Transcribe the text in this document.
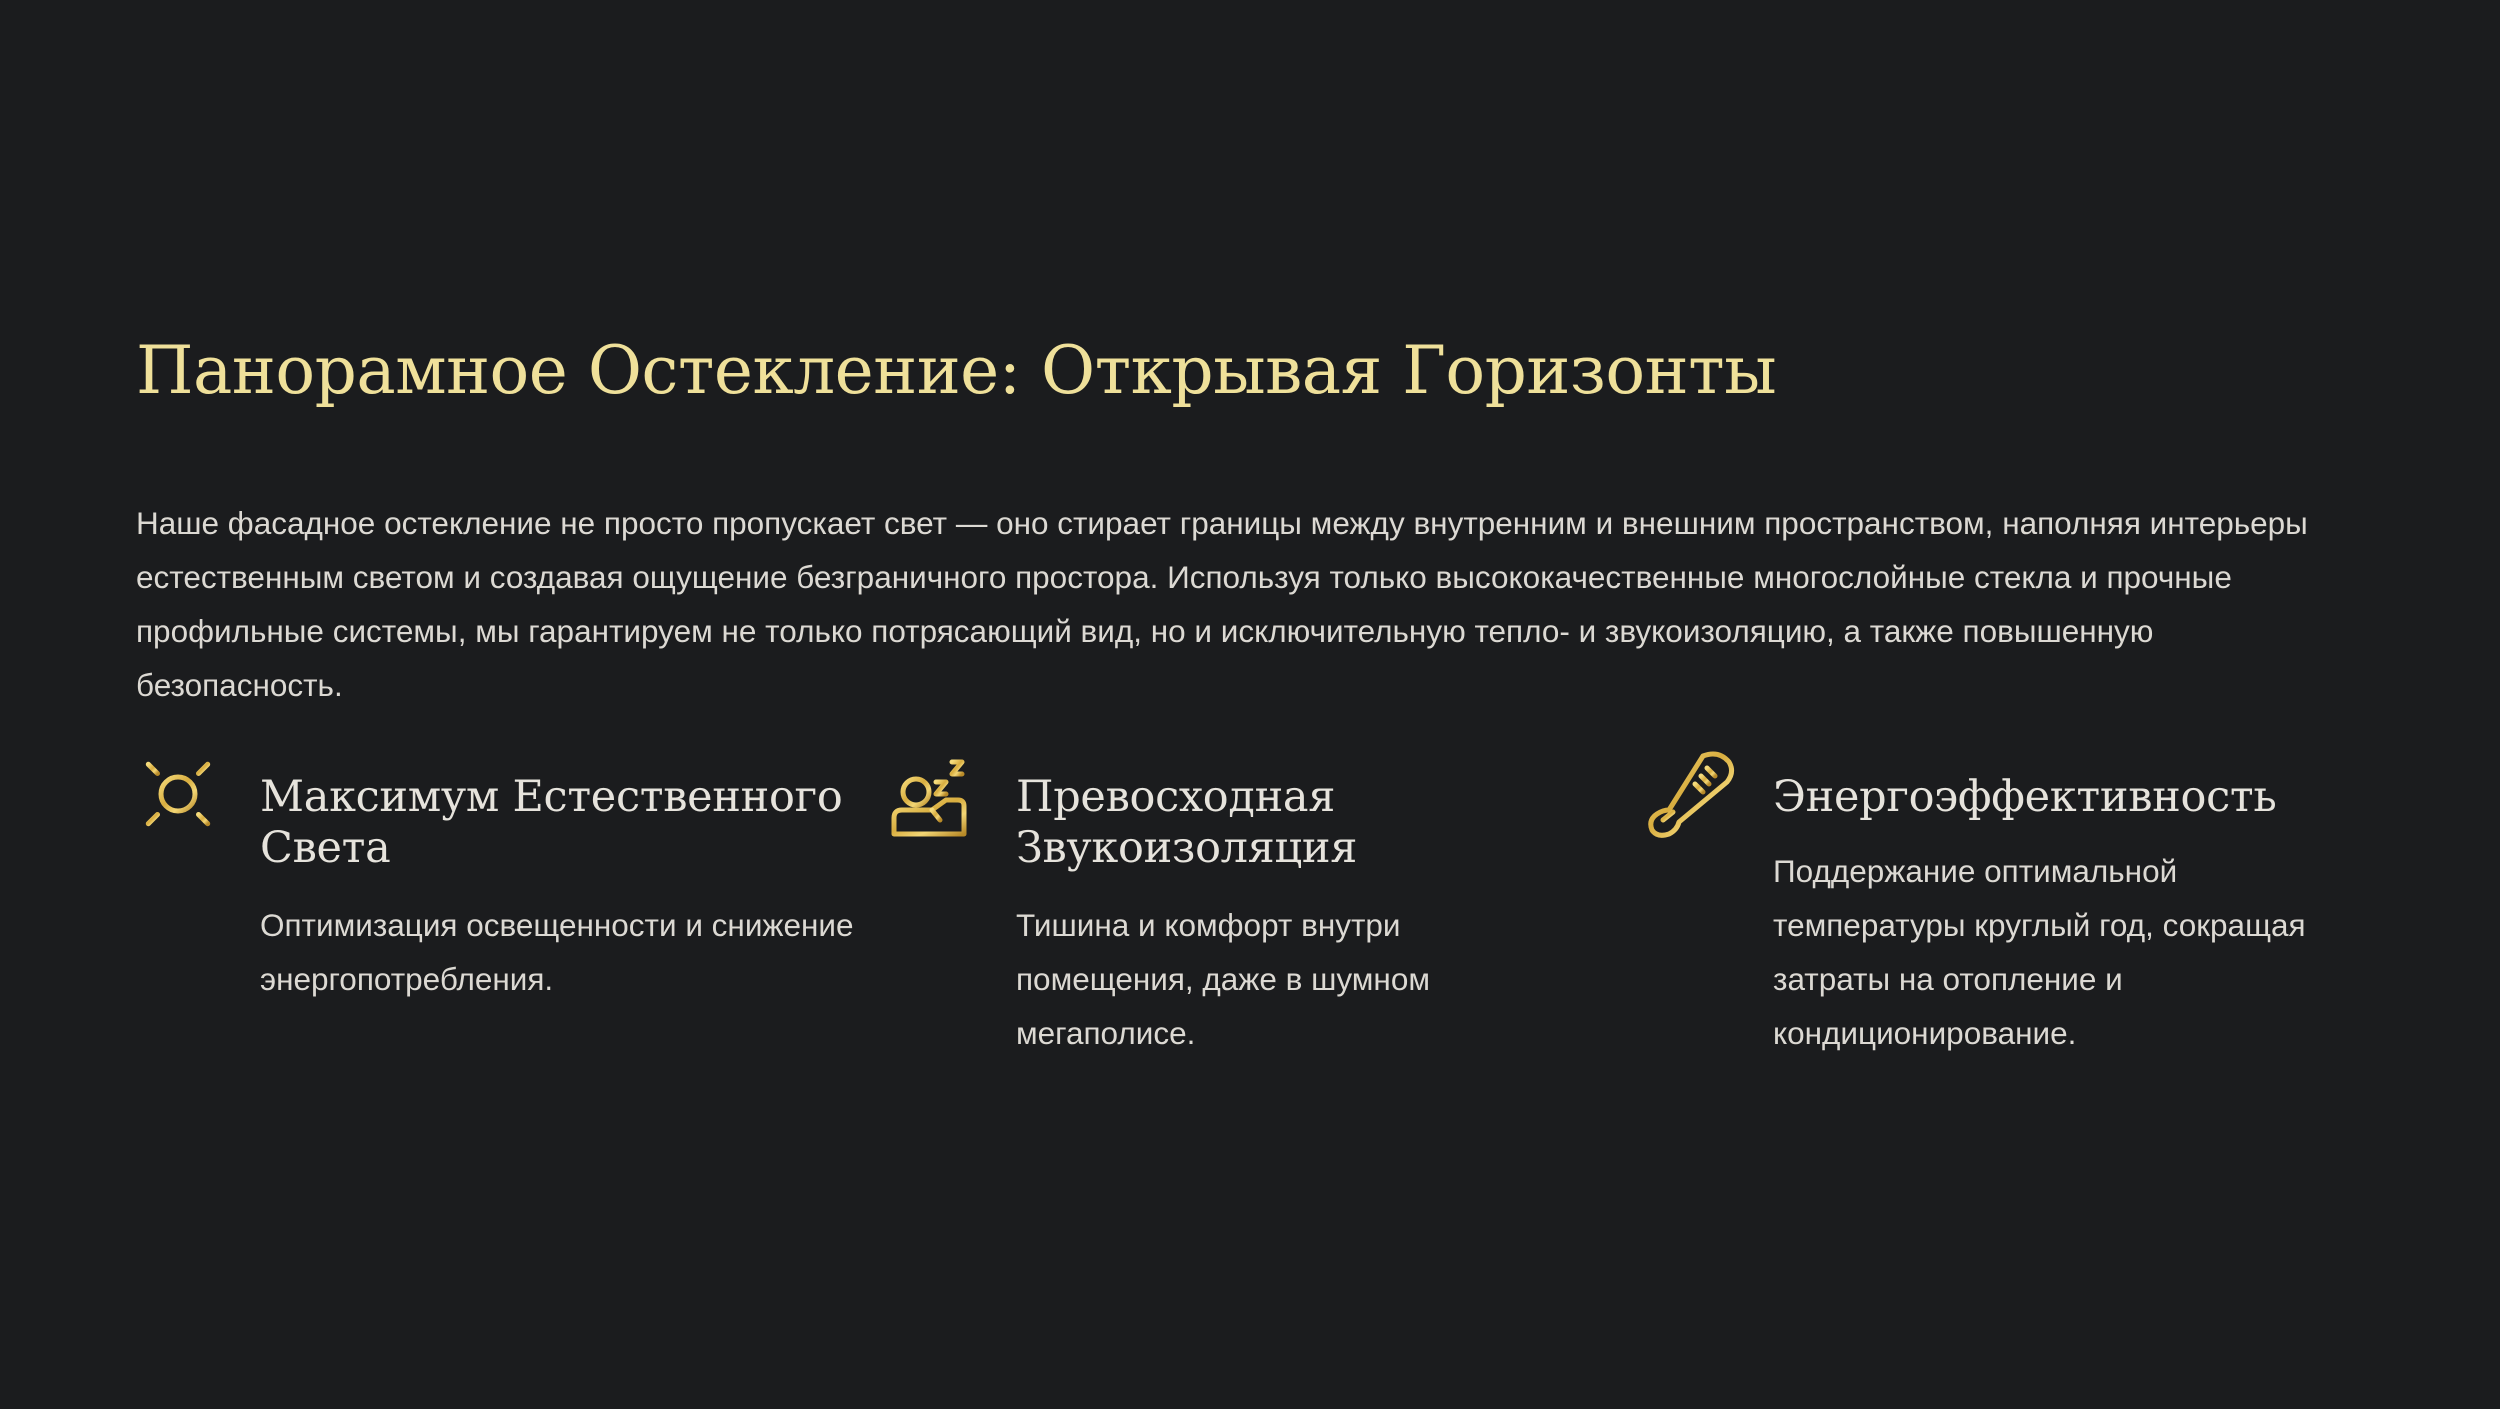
Панорамное Остекление: Открывая Горизонты

Наше фасадное остекление не просто пропускает свет — оно стирает границы между внутренним и внешним пространством, наполняя интерьеры естественным светом и создавая ощущение безграничного простора. Используя только высококачественные многослойные стекла и прочные профильные системы, мы гарантируем не только потрясающий вид, но и исключительную тепло- и звукоизоляцию, а также повышенную безопасность.

Максимум Естественного Света

Оптимизация освещенности и снижение энергопотребления.

Превосходная Звукоизоляция

Тишина и комфорт внутри помещения, даже в шумном мегаполисе.

Энергоэффективность

Поддержание оптимальной температуры круглый год, сокращая затраты на отопление и кондиционирование.
